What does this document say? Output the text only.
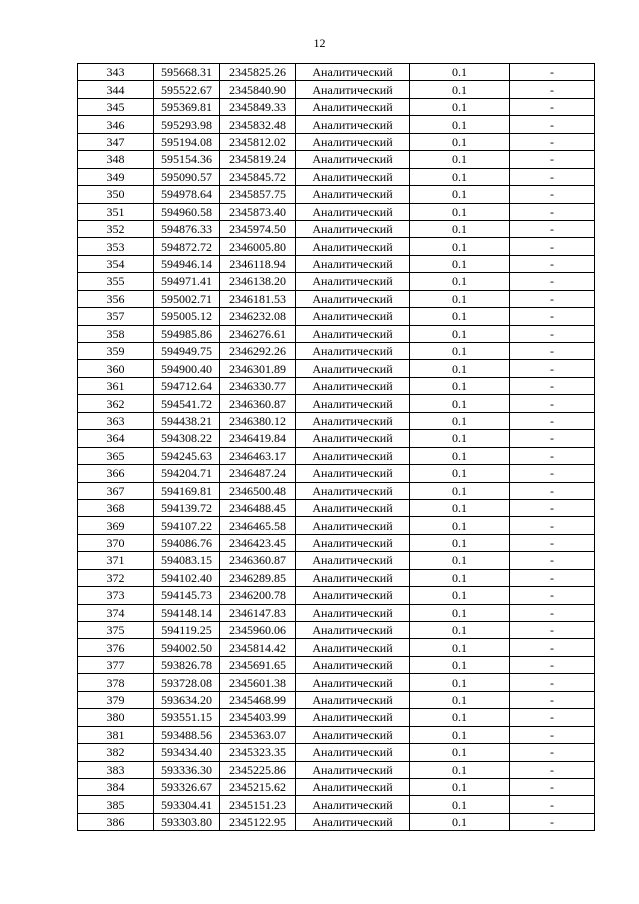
12
343	595668.31	2345825.26	Аналитический	0.1	-
344	595522.67	2345840.90	Аналитический	0.1	-
345	595369.81	2345849.33	Аналитический	0.1	-
346	595293.98	2345832.48	Аналитический	0.1	-
347	595194.08	2345812.02	Аналитический	0.1	-
348	595154.36	2345819.24	Аналитический	0.1	-
349	595090.57	2345845.72	Аналитический	0.1	-
350	594978.64	2345857.75	Аналитический	0.1	-
351	594960.58	2345873.40	Аналитический	0.1	-
352	594876.33	2345974.50	Аналитический	0.1	-
353	594872.72	2346005.80	Аналитический	0.1	-
354	594946.14	2346118.94	Аналитический	0.1	-
355	594971.41	2346138.20	Аналитический	0.1	-
356	595002.71	2346181.53	Аналитический	0.1	-
357	595005.12	2346232.08	Аналитический	0.1	-
358	594985.86	2346276.61	Аналитический	0.1	-
359	594949.75	2346292.26	Аналитический	0.1	-
360	594900.40	2346301.89	Аналитический	0.1	-
361	594712.64	2346330.77	Аналитический	0.1	-
362	594541.72	2346360.87	Аналитический	0.1	-
363	594438.21	2346380.12	Аналитический	0.1	-
364	594308.22	2346419.84	Аналитический	0.1	-
365	594245.63	2346463.17	Аналитический	0.1	-
366	594204.71	2346487.24	Аналитический	0.1	-
367	594169.81	2346500.48	Аналитический	0.1	-
368	594139.72	2346488.45	Аналитический	0.1	-
369	594107.22	2346465.58	Аналитический	0.1	-
370	594086.76	2346423.45	Аналитический	0.1	-
371	594083.15	2346360.87	Аналитический	0.1	-
372	594102.40	2346289.85	Аналитический	0.1	-
373	594145.73	2346200.78	Аналитический	0.1	-
374	594148.14	2346147.83	Аналитический	0.1	-
375	594119.25	2345960.06	Аналитический	0.1	-
376	594002.50	2345814.42	Аналитический	0.1	-
377	593826.78	2345691.65	Аналитический	0.1	-
378	593728.08	2345601.38	Аналитический	0.1	-
379	593634.20	2345468.99	Аналитический	0.1	-
380	593551.15	2345403.99	Аналитический	0.1	-
381	593488.56	2345363.07	Аналитический	0.1	-
382	593434.40	2345323.35	Аналитический	0.1	-
383	593336.30	2345225.86	Аналитический	0.1	-
384	593326.67	2345215.62	Аналитический	0.1	-
385	593304.41	2345151.23	Аналитический	0.1	-
386	593303.80	2345122.95	Аналитический	0.1	-
